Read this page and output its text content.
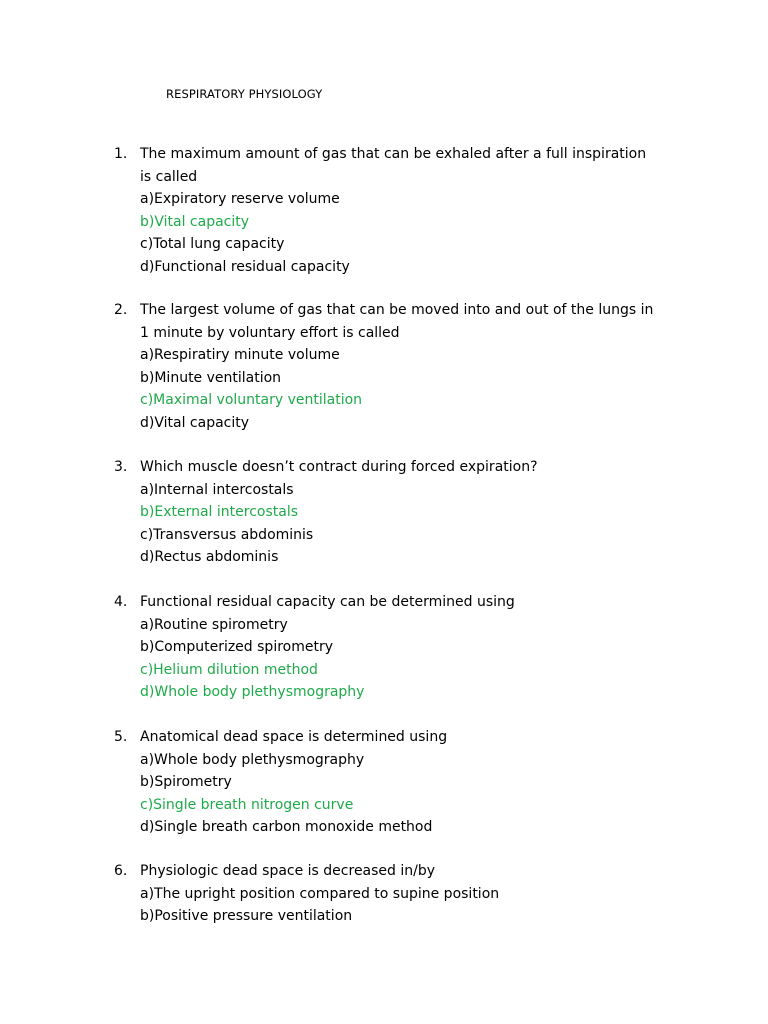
RESPIRATORY PHYSIOLOGY
1. The maximum amount of gas that can be exhaled after a full inspiration
is called
a)Expiratory reserve volume
b)Vital capacity
c)Total lung capacity
d)Functional residual capacity
2. The largest volume of gas that can be moved into and out of the lungs in
1 minute by voluntary effort is called
a)Respiratiry minute volume
b)Minute ventilation
c)Maximal voluntary ventilation
d)Vital capacity
3. Which muscle doesn’t contract during forced expiration?
a)Internal intercostals
b)External intercostals
c)Transversus abdominis
d)Rectus abdominis
4. Functional residual capacity can be determined using
a)Routine spirometry
b)Computerized spirometry
c)Helium dilution method
d)Whole body plethysmography
5. Anatomical dead space is determined using
a)Whole body plethysmography
b)Spirometry
c)Single breath nitrogen curve
d)Single breath carbon monoxide method
6. Physiologic dead space is decreased in/by
a)The upright position compared to supine position
b)Positive pressure ventilation
